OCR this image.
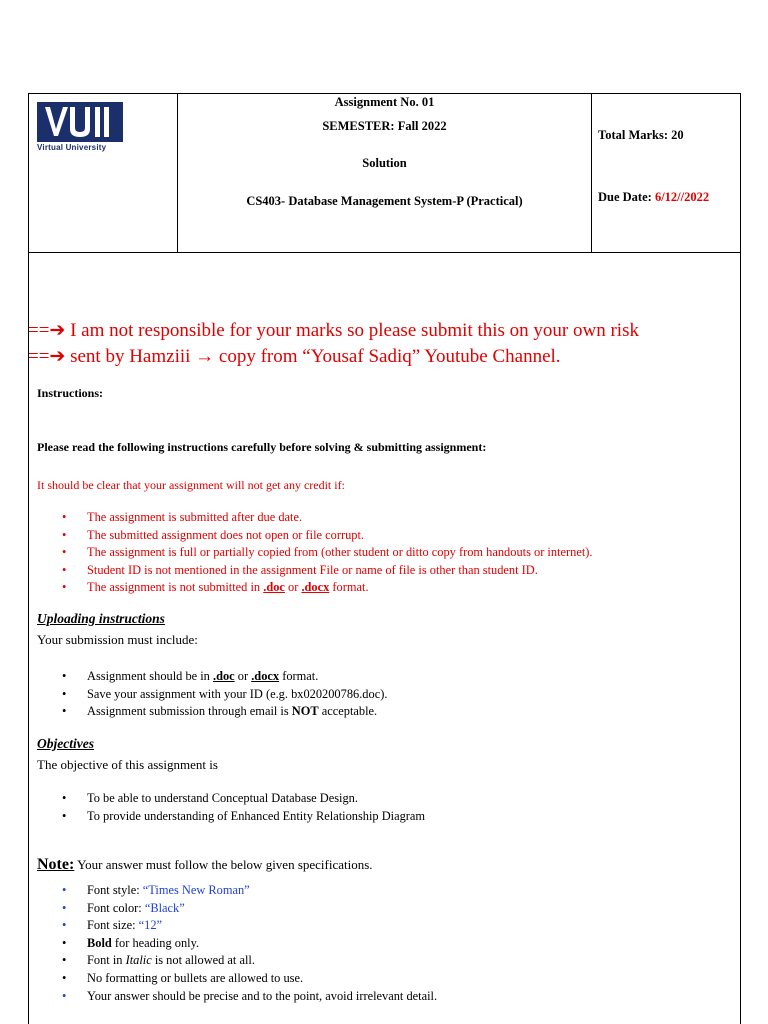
Virtual University
Assignment No. 01
SEMESTER: Fall 2022
Solution
CS403- Database Management System-P (Practical)
Total Marks: 20
Due Date: 6/12//2022
==➔ I am not responsible for your marks so please submit this on your own risk
==➔ sent by Hamziii → copy from “Yousaf Sadiq” Youtube Channel.
Instructions:
Please read the following instructions carefully before solving & submitting assignment:
It should be clear that your assignment will not get any credit if:
• The assignment is submitted after due date.
• The submitted assignment does not open or file corrupt.
• The assignment is full or partially copied from (other student or ditto copy from handouts or internet).
• Student ID is not mentioned in the assignment File or name of file is other than student ID.
• The assignment is not submitted in .doc or .docx format.
Uploading instructions
Your submission must include:
• Assignment should be in .doc or .docx format.
• Save your assignment with your ID (e.g. bx020200786.doc).
• Assignment submission through email is NOT acceptable.
Objectives
The objective of this assignment is
• To be able to understand Conceptual Database Design.
• To provide understanding of Enhanced Entity Relationship Diagram
Note: Your answer must follow the below given specifications.
• Font style: “Times New Roman”
• Font color: “Black”
• Font size: “12”
• Bold for heading only.
• Font in Italic is not allowed at all.
• No formatting or bullets are allowed to use.
• Your answer should be precise and to the point, avoid irrelevant detail.
